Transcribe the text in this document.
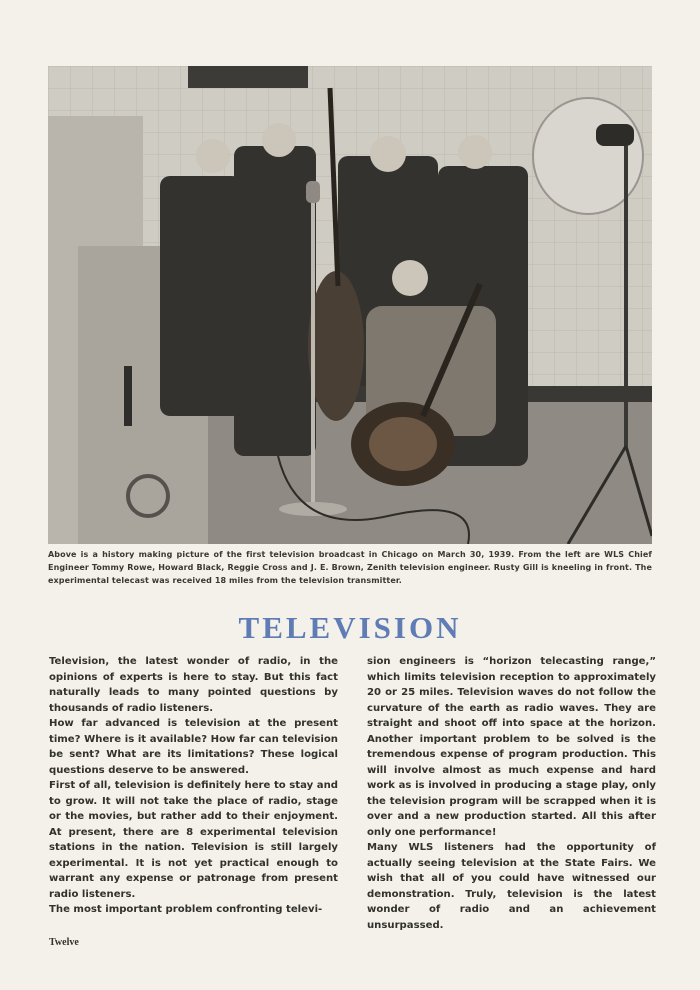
Above is a history making picture of the first television broadcast in Chicago on March 30, 1939. From the left are WLS Chief Engineer Tommy Rowe, Howard Black, Reggie Cross and J. E. Brown, Zenith television engineer. Rusty Gill is kneeling in front. The experimental telecast was received 18 miles from the television transmitter.
TELEVISION

Television, the latest wonder of radio, in the opinions of experts is here to stay. But this fact naturally leads to many pointed questions by thousands of radio listeners.

How far advanced is television at the present time? Where is it available? How far can television be sent? What are its limitations? These logical questions deserve to be answered.

First of all, television is definitely here to stay and to grow. It will not take the place of radio, stage or the movies, but rather add to their enjoyment. At present, there are 8 experimental television stations in the nation. Television is still largely experimental. It is not yet practical enough to warrant any expense or patronage from present radio listeners.

The most important problem confronting televi-

sion engineers is “horizon telecasting range,” which limits television reception to approximately 20 or 25 miles. Television waves do not follow the curvature of the earth as radio waves. They are straight and shoot off into space at the horizon. Another important problem to be solved is the tremendous expense of program production. This will involve almost as much expense and hard work as is involved in producing a stage play, only the television program will be scrapped when it is over and a new production started. All this after only one performance!

Many WLS listeners had the opportunity of actually seeing television at the State Fairs. We wish that all of you could have witnessed our demonstration. Truly, television is the latest wonder of radio and an achievement unsurpassed.

Twelve
